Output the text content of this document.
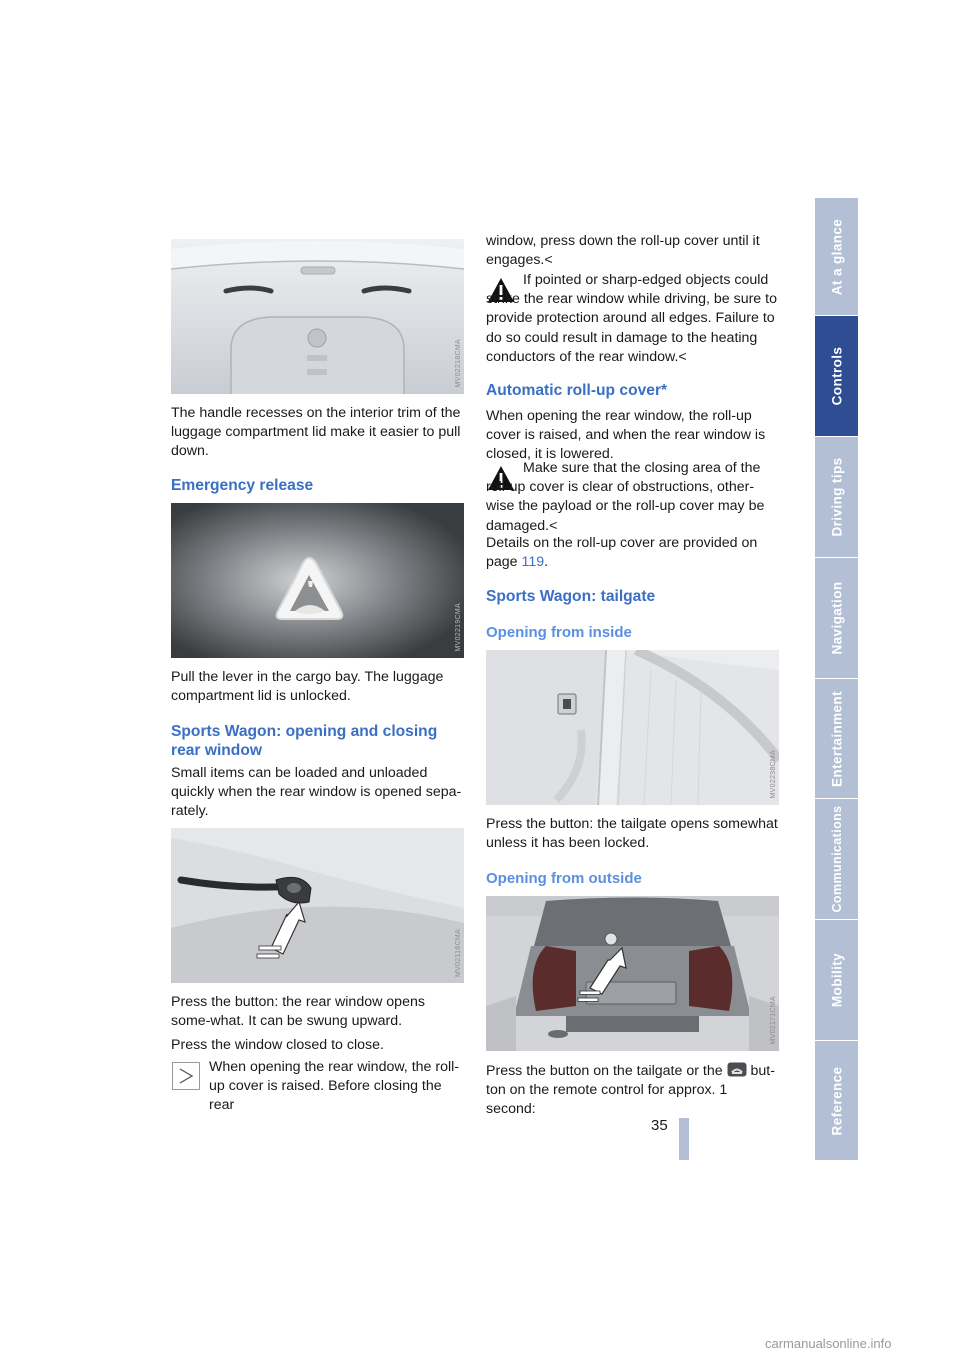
At a glance
Controls
Driving tips
Navigation
Entertainment
Communications
Mobility
Reference
35
MV02218CMA

The handle recesses on the interior trim of the luggage compartment lid make it easier to pull down.

Emergency release
MV02219CMA

Pull the lever in the cargo bay. The luggage compartment lid is unlocked.

Sports Wagon: opening and closing rear window

Small items can be loaded and unloaded quickly when the rear window is opened sepa-rately.

MV02116CMA

Press the button: the rear window opens some-what. It can be swung upward.

Press the window closed to close.

When opening the rear window, the roll-up cover is raised. Before closing the rear

window, press down the roll-up cover until it engages.<

If pointed or sharp-edged objects could strike the rear window while driving, be sure to provide protection around all edges. Failure to do so could result in damage to the heating conductors of the rear window.<

Automatic roll-up cover*

When opening the rear window, the roll-up cover is raised, and when the rear window is closed, it is lowered.

Make sure that the closing area of the roll-up cover is clear of obstructions, other-wise the payload or the roll-up cover may be damaged.<

Details on the roll-up cover are provided on page 119.

Sports Wagon: tailgate
Opening from inside
MV02238CMA

Press the button: the tailgate opens somewhat unless it has been locked.

Opening from outside
MV02171CMA

Press the button on the tailgate or the but-ton on the remote control for approx. 1 second:

carmanualsonline.info
